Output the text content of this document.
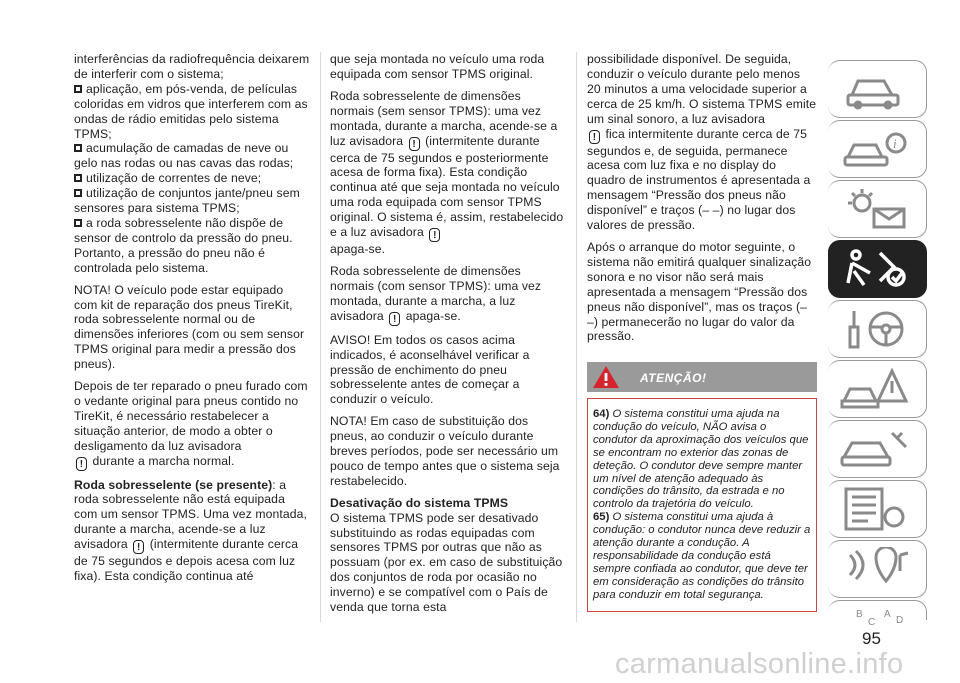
interferências da radiofrequência deixarem de interferir com o sistema;
aplicação, em pós-venda, de películas coloridas em vidros que interferem com as ondas de rádio emitidas pelo sistema TPMS;
acumulação de camadas de neve ou gelo nas rodas ou nas cavas das rodas;
utilização de correntes de neve;
utilização de conjuntos jante/pneu sem sensores para sistema TPMS;
a roda sobresselente não dispõe de sensor de controlo da pressão do pneu. Portanto, a pressão do pneu não é controlada pelo sistema.

NOTA! O veículo pode estar equipado com kit de reparação dos pneus TireKit, roda sobresselente normal ou de dimensões inferiores (com ou sem sensor TPMS original para medir a pressão dos pneus).

Depois de ter reparado o pneu furado com o vedante original para pneus contido no TireKit, é necessário restabelecer a situação anterior, de modo a obter o desligamento da luz avisadora
! durante a marcha normal.

Roda sobresselente (se presente): a roda sobresselente não está equipada com um sensor TPMS. Uma vez montada, durante a marcha, acende-se a luz avisadora ! (intermitente durante cerca de 75 segundos e depois acesa com luz fixa). Esta condição continua até

que seja montada no veículo uma roda equipada com sensor TPMS original.

Roda sobresselente de dimensões normais (sem sensor TPMS): uma vez montada, durante a marcha, acende-se a luz avisadora ! (intermitente durante cerca de 75 segundos e posteriormente acesa de forma fixa). Esta condição continua até que seja montada no veículo uma roda equipada com sensor TPMS original. O sistema é, assim, restabelecido e a luz avisadora !
apaga-se.

Roda sobresselente de dimensões normais (com sensor TPMS): uma vez montada, durante a marcha, a luz avisadora ! apaga-se.

AVISO! Em todos os casos acima indicados, é aconselhável verificar a pressão de enchimento do pneu sobresselente antes de começar a conduzir o veículo.

NOTA! Em caso de substituição dos pneus, ao conduzir o veículo durante breves períodos, pode ser necessário um pouco de tempo antes que o sistema seja restabelecido.

Desativação do sistema TPMS
O sistema TPMS pode ser desativado substituindo as rodas equipadas com sensores TPMS por outras que não as possuam (por ex. em caso de substituição dos conjuntos de roda por ocasião no inverno) e se compatível com o País de venda que torna esta

possibilidade disponível. De seguida, conduzir o veículo durante pelo menos 20 minutos a uma velocidade superior a cerca de 25 km/h. O sistema TPMS emite um sinal sonoro, a luz avisadora
! fica intermitente durante cerca de 75 segundos e, de seguida, permanece acesa com luz fixa e no display do quadro de instrumentos é apresentada a mensagem “Pressão dos pneus não disponível” e traços (– –) no lugar dos valores de pressão.

Após o arranque do motor seguinte, o sistema não emitirá qualquer sinalização sonora e no visor não será mais apresentada a mensagem “Pressão dos pneus não disponível”, mas os traços (– –) permanecerão no lugar do valor da pressão.

ATENÇÃO!
64) O sistema constitui uma ajuda na condução do veículo, NÃO avisa o condutor da aproximação dos veículos que se encontram no exterior das zonas de deteção. O condutor deve sempre manter um nível de atenção adequado às condições do trânsito, da estrada e no controlo da trajetória do veículo.
65) O sistema constitui uma ajuda à condução: o condutor nunca deve reduzir a atenção durante a condução. A responsabilidade da condução está sempre confiada ao condutor, que deve ter em consideração as condições do trânsito para conduzir em total segurança.
i
B
C
A
D
95
carmanualsonline.info
